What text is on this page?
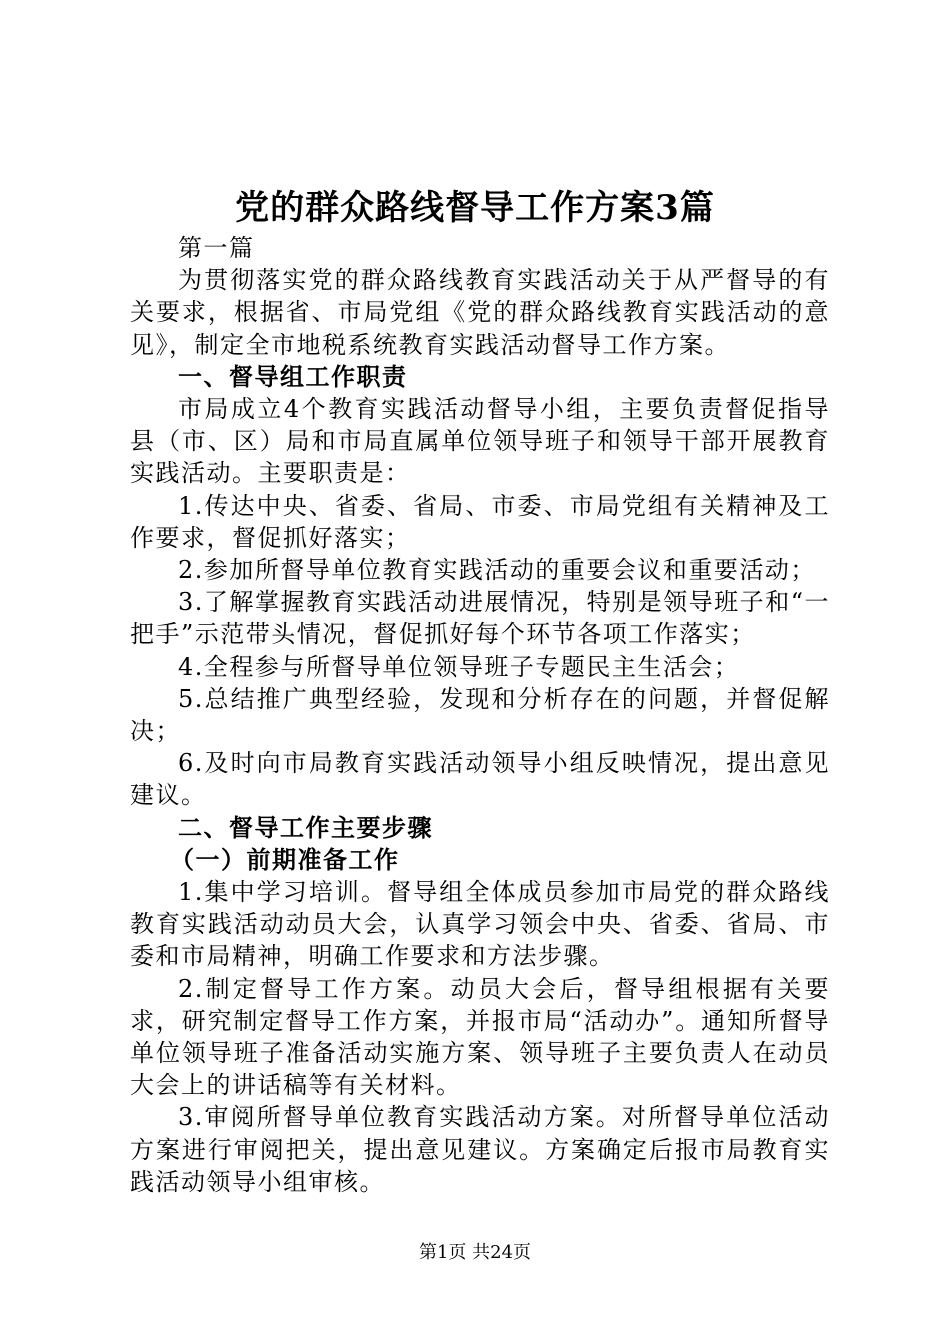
党的群众路线督导工作方案3篇

第一篇

为贯彻落实党的群众路线教育实践活动关于从严督导的有关要求，根据省、市局党组《党的群众路线教育实践活动的意见》，制定全市地税系统教育实践活动督导工作方案。

一、督导组工作职责

市局成立4个教育实践活动督导小组，主要负责督促指导县（市、区）局和市局直属单位领导班子和领导干部开展教育实践活动。主要职责是：

1.传达中央、省委、省局、市委、市局党组有关精神及工作要求，督促抓好落实；

2.参加所督导单位教育实践活动的重要会议和重要活动；

3.了解掌握教育实践活动进展情况，特别是领导班子和“一把手”示范带头情况，督促抓好每个环节各项工作落实；

4.全程参与所督导单位领导班子专题民主生活会；

5.总结推广典型经验，发现和分析存在的问题，并督促解决；

6.及时向市局教育实践活动领导小组反映情况，提出意见建议。

二、督导工作主要步骤

（一）前期准备工作

1.集中学习培训。督导组全体成员参加市局党的群众路线教育实践活动动员大会，认真学习领会中央、省委、省局、市委和市局精神，明确工作要求和方法步骤。

2.制定督导工作方案。动员大会后，督导组根据有关要求，研究制定督导工作方案，并报市局“活动办”。通知所督导单位领导班子准备活动实施方案、领导班子主要负责人在动员大会上的讲话稿等有关材料。

3.审阅所督导单位教育实践活动方案。对所督导单位活动方案进行审阅把关，提出意见建议。方案确定后报市局教育实践活动领导小组审核。

第1页 共24页
